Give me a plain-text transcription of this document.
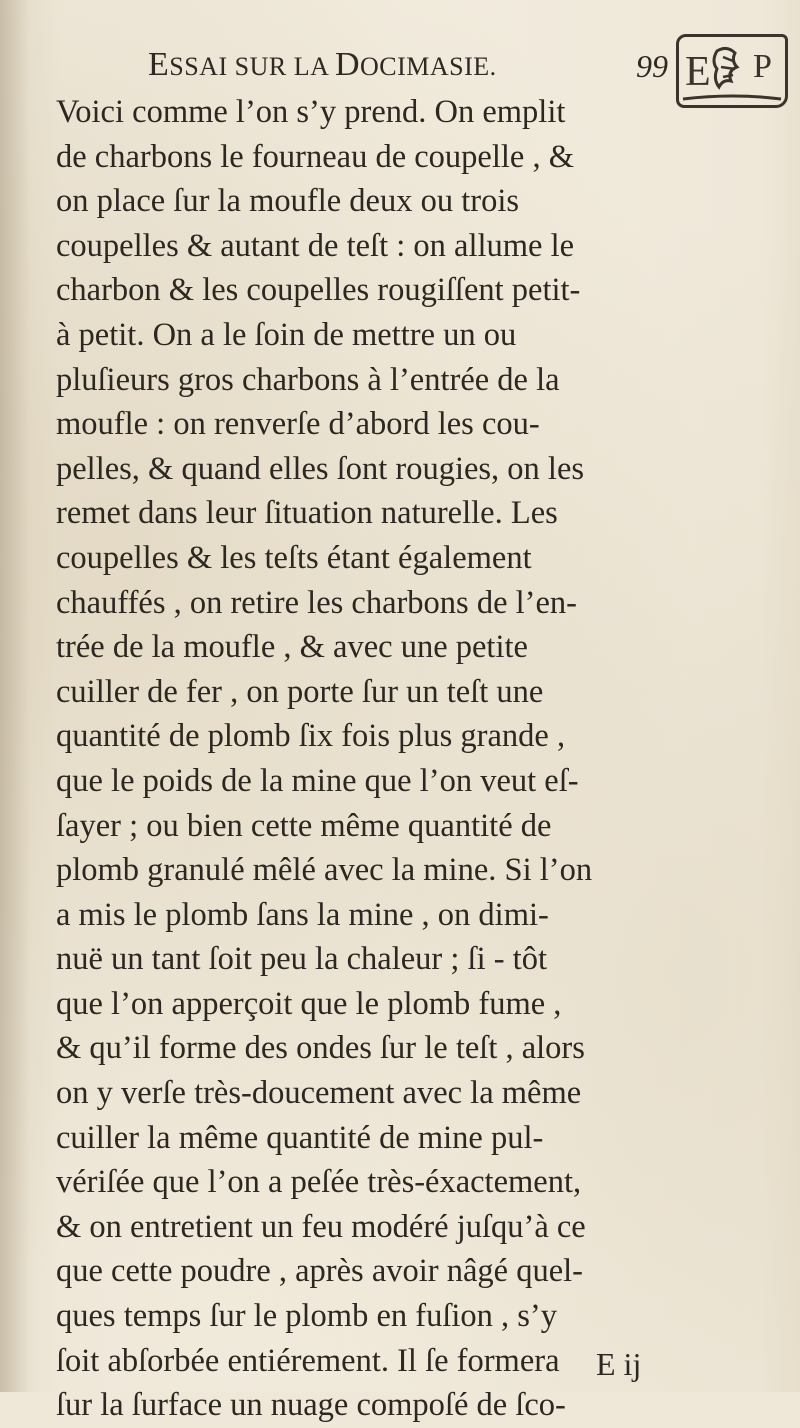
ESSAI SUR LA DOCIMASIE.	99 E P
Voici comme l’on s’y prend. On emplit
de charbons le fourneau de coupelle , &
on place ſur la moufle deux ou trois
coupelles & autant de teſt : on allume le
charbon & les coupelles rougiſſent petit-
à petit. On a le ſoin de mettre un ou
pluſieurs gros charbons à l’entrée de la
moufle : on renverſe d’abord les cou-
pelles, & quand elles ſont rougies, on les
remet dans leur ſituation naturelle. Les
coupelles & les teſts étant également
chauffés , on retire les charbons de l’en-
trée de la moufle , & avec une petite
cuiller de fer , on porte ſur un teſt une
quantité de plomb ſix fois plus grande ,
que le poids de la mine que l’on veut eſ-
ſayer ; ou bien cette même quantité de
plomb granulé mêlé avec la mine. Si l’on
a mis le plomb ſans la mine , on dimi-
nuë un tant ſoit peu la chaleur ; ſi - tôt
que l’on apperçoit que le plomb fume ,
& qu’il forme des ondes ſur le teſt , alors
on y verſe très-doucement avec la même
cuiller la même quantité de mine pul-
vériſée que l’on a peſée très-éxactement,
& on entretient un feu modéré juſqu’à ce
que cette poudre , après avoir nâgé quel-
ques temps ſur le plomb en fuſion , s’y
ſoit abſorbée entiérement. Il ſe formera
ſur la ſurface un nuage compoſé de ſco-
E ij
